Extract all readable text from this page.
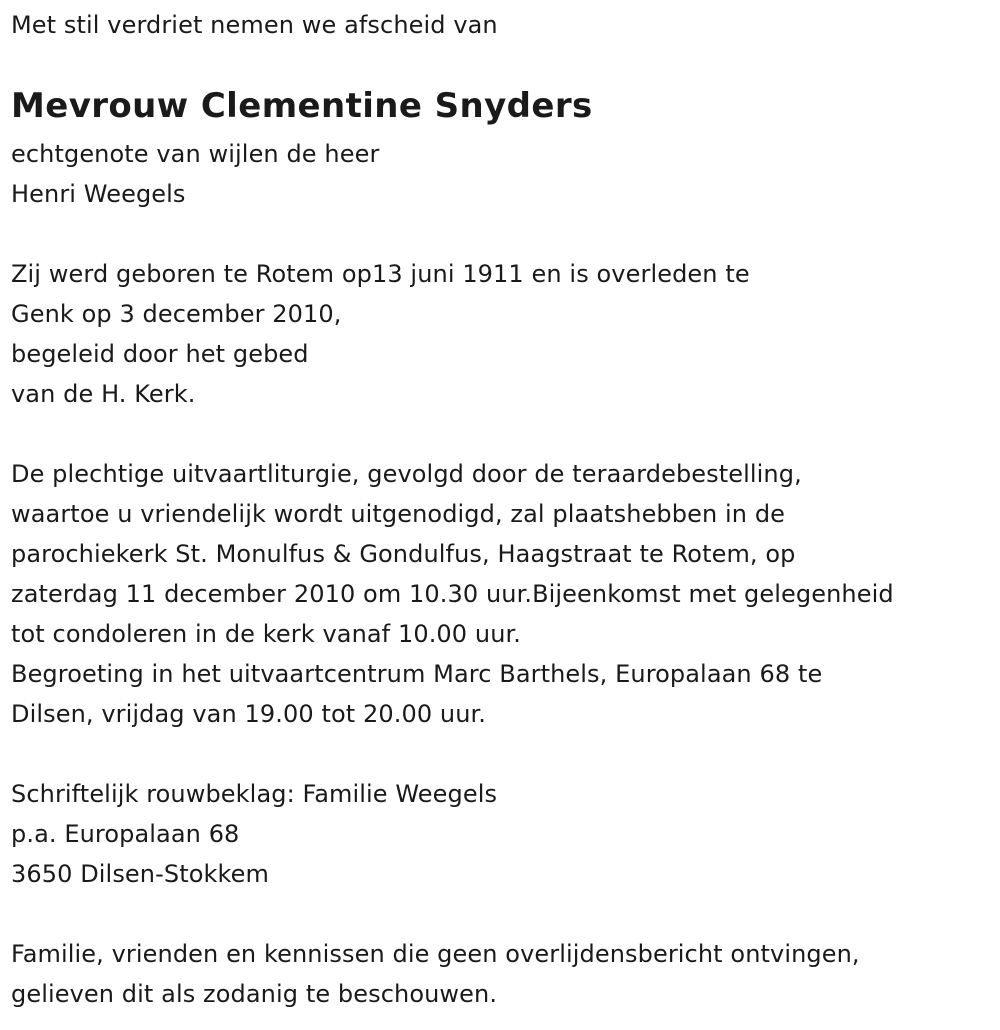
Met stil verdriet nemen we afscheid van
Mevrouw Clementine Snyders
echtgenote van wijlen de heer
Henri Weegels
Zij werd geboren te Rotem op13 juni 1911 en is overleden te
Genk op 3 december 2010,
begeleid door het gebed
van de H. Kerk.
De plechtige uitvaartliturgie, gevolgd door de teraardebestelling,
waartoe u vriendelijk wordt uitgenodigd, zal plaatshebben in de
parochiekerk St. Monulfus & Gondulfus, Haagstraat te Rotem, op
zaterdag 11 december 2010 om 10.30 uur.Bijeenkomst met gelegenheid
tot condoleren in de kerk vanaf 10.00 uur.
Begroeting in het uitvaartcentrum Marc Barthels, Europalaan 68 te
Dilsen, vrijdag van 19.00 tot 20.00 uur.
Schriftelijk rouwbeklag: Familie Weegels
p.a. Europalaan 68
3650 Dilsen-Stokkem
Familie, vrienden en kennissen die geen overlijdensbericht ontvingen,
gelieven dit als zodanig te beschouwen.
